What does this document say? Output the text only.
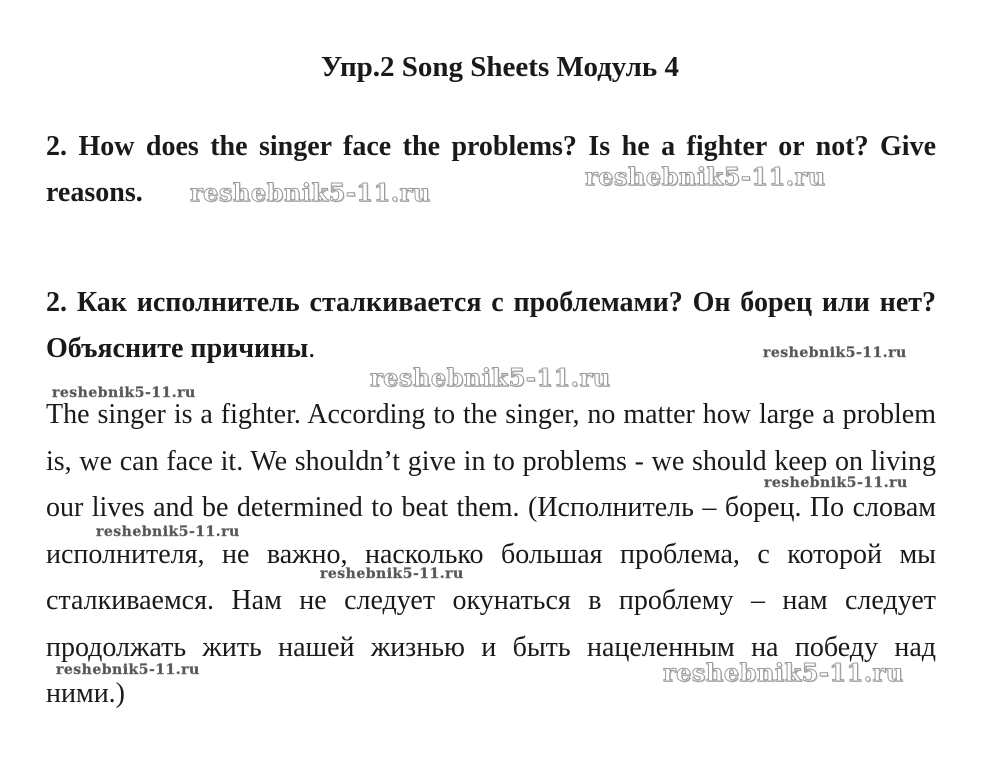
Упр.2 Song Sheets Модуль 4

2. How does the singer face the problems? Is he a fighter or not? Give reasons.

2. Как исполнитель сталкивается с проблемами? Он борец или нет? Объясните причины.

The singer is a fighter. According to the singer, no matter how large a problem is, we can face it. We shouldn’t give in to problems - we should keep on living our lives and be determined to beat them. (Исполнитель – борец. По словам исполнителя, не важно, насколько большая проблема, с которой мы сталкиваемся. Нам не следует окунаться в проблему – нам следует продолжать жить нашей жизнью и быть нацеленным на победу над ними.)

reshebnik5-11.ru
reshebnik5-11.ru
reshebnik5-11.ru
reshebnik5-11.ru
reshebnik5-11.ru
reshebnik5-11.ru
reshebnik5-11.ru
reshebnik5-11.ru
reshebnik5-11.ru	reshebnik5-11.ru
